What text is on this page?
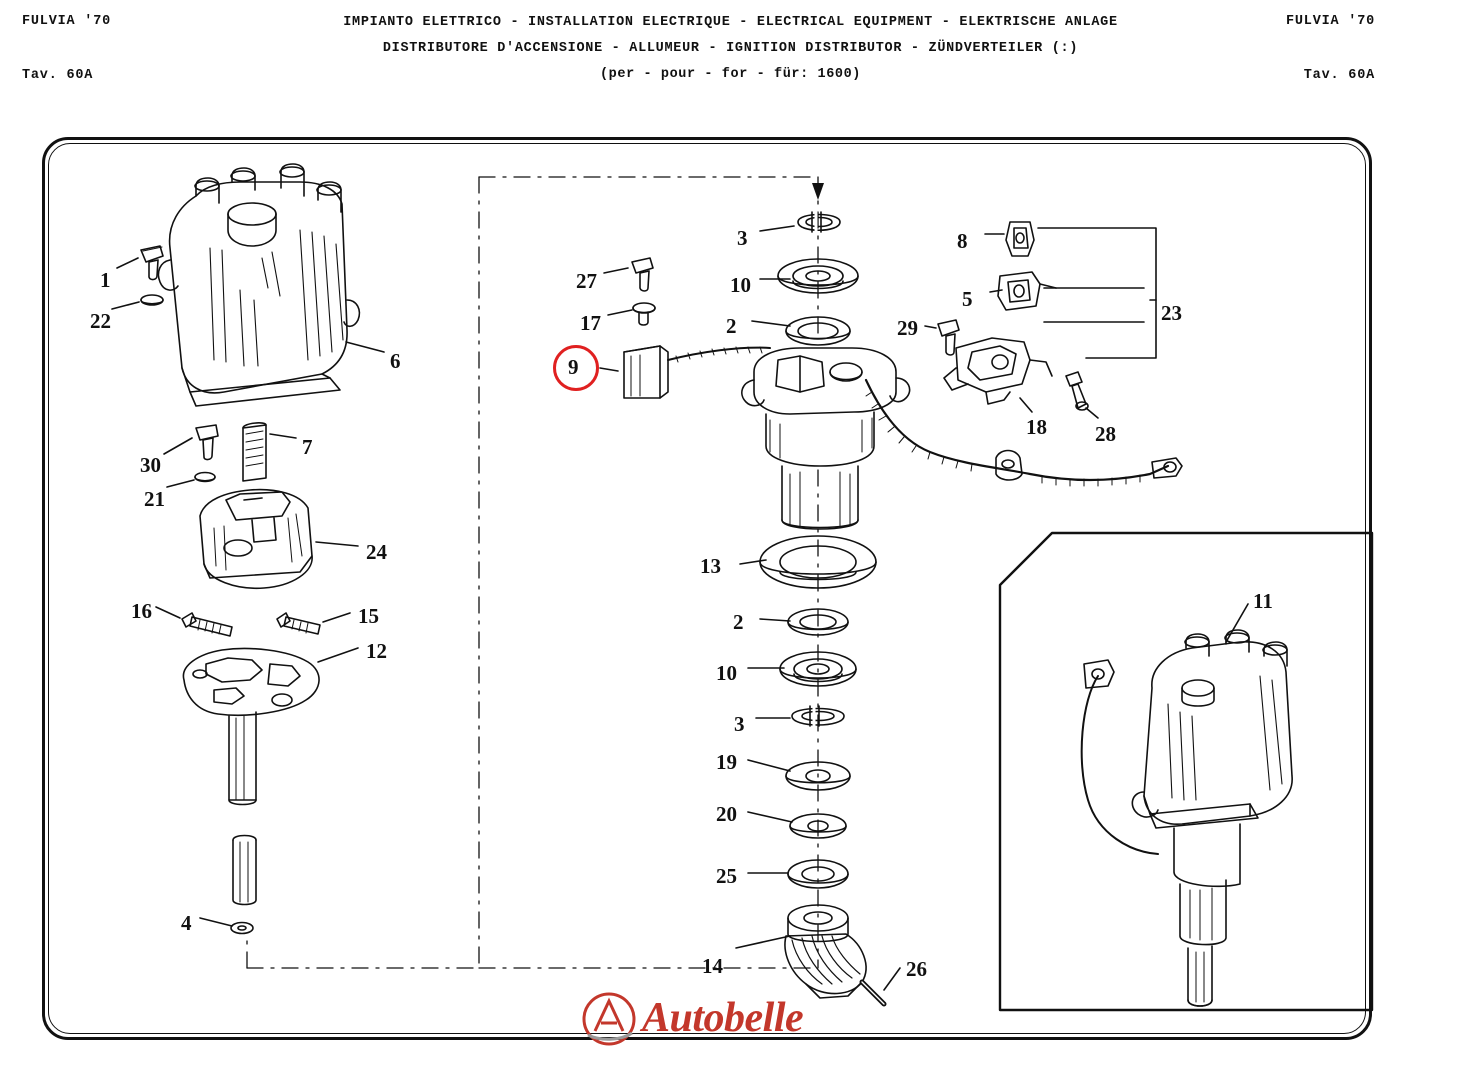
FULVIA '70	FULVIA '70
Tav. 60A	Tav. 60A
IMPIANTO ELETTRICO - INSTALLATION ELECTRIQUE - ELECTRICAL EQUIPMENT - ELEKTRISCHE ANLAGE
DISTRIBUTORE D'ACCENSIONE - ALLUMEUR - IGNITION DISTRIBUTOR - ZÜNDVERTEILER (:)
(per - pour - for - für: 1600)
1
22
6
30
21
7
24
16	15
12
4
3
27	10
17	2
8
5
23
29
18 28
13
2
10
3
19
20
25
14	26
11
9
Autobelle
